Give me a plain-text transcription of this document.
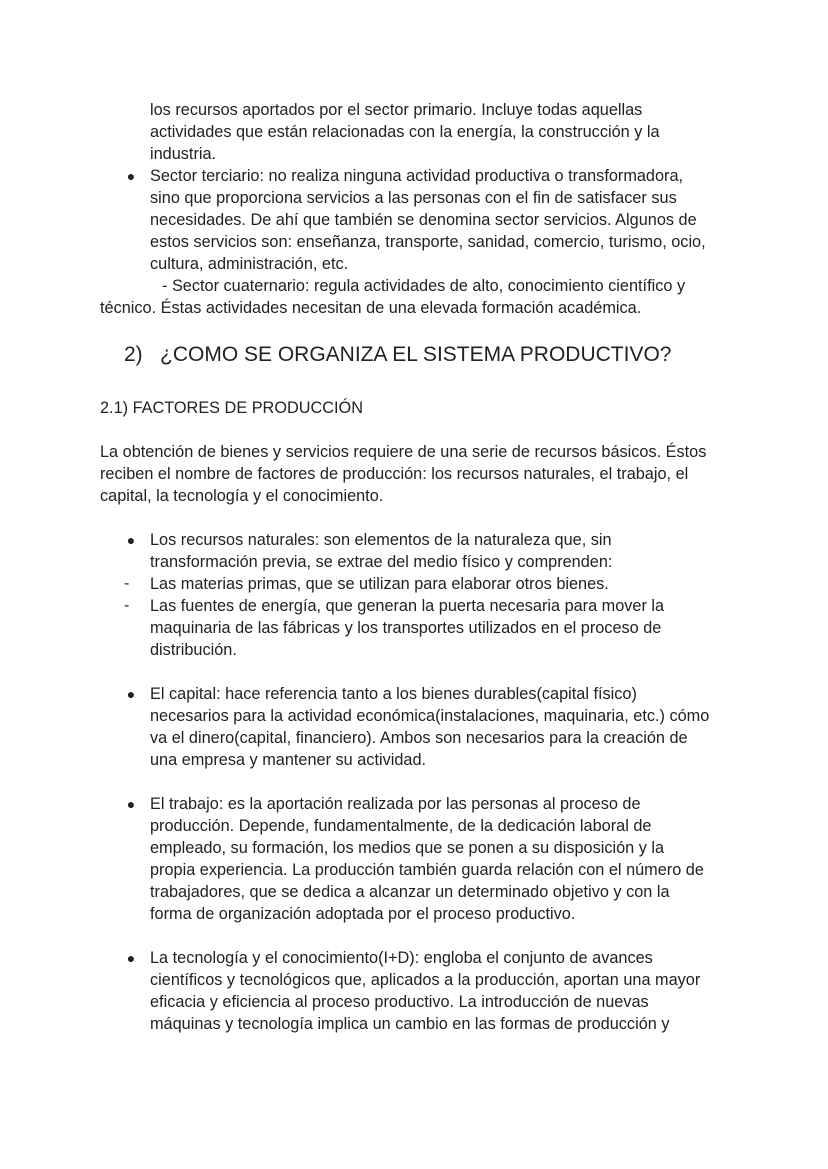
los recursos aportados por el sector primario. Incluye todas aquellas
actividades que están relacionadas con la energía, la construcción y la
industria.
● Sector terciario: no realiza ninguna actividad productiva o transformadora,
sino que proporciona servicios a las personas con el fin de satisfacer sus
necesidades. De ahí que también se denomina sector servicios. Algunos de
estos servicios son: enseñanza, transporte, sanidad, comercio, turismo, ocio,
cultura, administración, etc.
- Sector cuaternario: regula actividades de alto, conocimiento científico y
técnico. Éstas actividades necesitan de una elevada formación académica.
2) ¿COMO SE ORGANIZA EL SISTEMA PRODUCTIVO?
2.1) FACTORES DE PRODUCCIÓN
La obtención de bienes y servicios requiere de una serie de recursos básicos. Éstos
reciben el nombre de factores de producción: los recursos naturales, el trabajo, el
capital, la tecnología y el conocimiento.
● Los recursos naturales: son elementos de la naturaleza que, sin
transformación previa, se extrae del medio físico y comprenden:
- Las materias primas, que se utilizan para elaborar otros bienes.
- Las fuentes de energía, que generan la puerta necesaria para mover la
maquinaria de las fábricas y los transportes utilizados en el proceso de
distribución.
● El capital: hace referencia tanto a los bienes durables(capital físico)
necesarios para la actividad económica(instalaciones, maquinaria, etc.) cómo
va el dinero(capital, financiero). Ambos son necesarios para la creación de
una empresa y mantener su actividad.
● El trabajo: es la aportación realizada por las personas al proceso de
producción. Depende, fundamentalmente, de la dedicación laboral de
empleado, su formación, los medios que se ponen a su disposición y la
propia experiencia. La producción también guarda relación con el número de
trabajadores, que se dedica a alcanzar un determinado objetivo y con la
forma de organización adoptada por el proceso productivo.
● La tecnología y el conocimiento(I+D): engloba el conjunto de avances
científicos y tecnológicos que, aplicados a la producción, aportan una mayor
eficacia y eficiencia al proceso productivo. La introducción de nuevas
máquinas y tecnología implica un cambio en las formas de producción y
